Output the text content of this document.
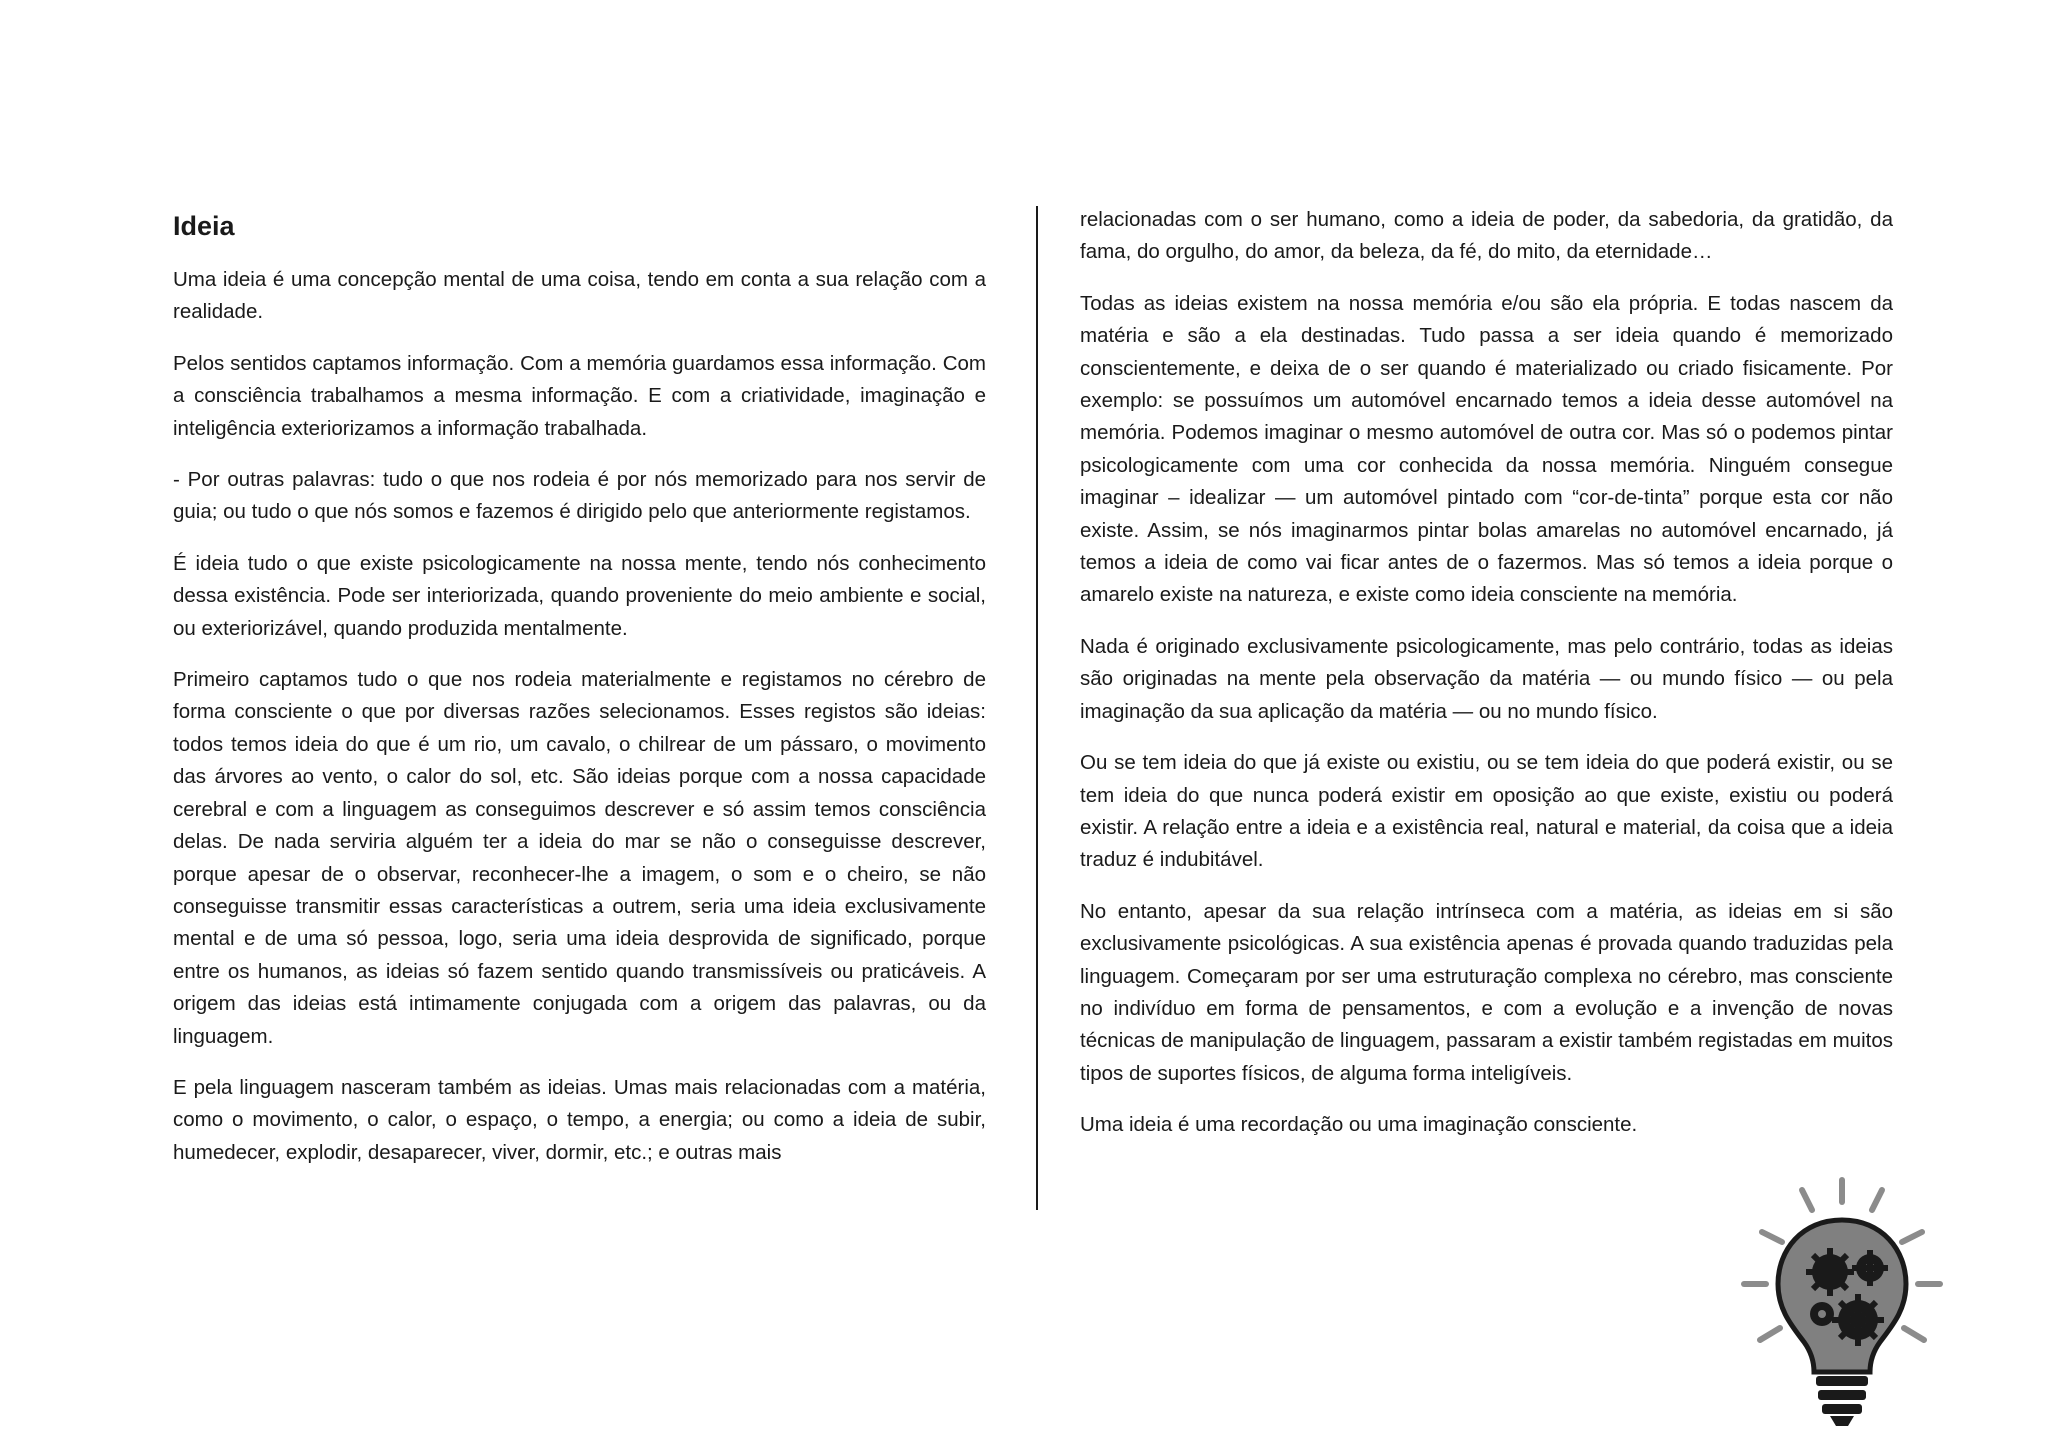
Ideia

Uma ideia é uma concepção mental de uma coisa, tendo em conta a sua relação com a realidade.

Pelos sentidos captamos informação. Com a memória guardamos essa informação. Com a consciência trabalhamos a mesma informação. E com a criatividade, imaginação e inteligência exteriorizamos a informação trabalhada.

- Por outras palavras: tudo o que nos rodeia é por nós memorizado para nos servir de guia; ou tudo o que nós somos e fazemos é dirigido pelo que anteriormente registamos.

É ideia tudo o que existe psicologicamente na nossa mente, tendo nós conhecimento dessa existência. Pode ser interiorizada, quando proveniente do meio ambiente e social, ou exteriorizável, quando produzida mentalmente.

Primeiro captamos tudo o que nos rodeia materialmente e registamos no cérebro de forma consciente o que por diversas razões selecionamos. Esses registos são ideias: todos temos ideia do que é um rio, um cavalo, o chilrear de um pássaro, o movimento das árvores ao vento, o calor do sol, etc. São ideias porque com a nossa capacidade cerebral e com a linguagem as conseguimos descrever e só assim temos consciência delas. De nada serviria alguém ter a ideia do mar se não o conseguisse descrever, porque apesar de o observar, reconhecer-lhe a imagem, o som e o cheiro, se não conseguisse transmitir essas características a outrem, seria uma ideia exclusivamente mental e de uma só pessoa, logo, seria uma ideia desprovida de significado, porque entre os humanos, as ideias só fazem sentido quando transmissíveis ou praticáveis. A origem das ideias está intimamente conjugada com a origem das palavras, ou da linguagem.

E pela linguagem nasceram também as ideias. Umas mais relacionadas com a matéria, como o movimento, o calor, o espaço, o tempo, a energia; ou como a ideia de subir, humedecer, explodir, desaparecer, viver, dormir, etc.; e outras mais

relacionadas com o ser humano, como a ideia de poder, da sabedoria, da gratidão, da fama, do orgulho, do amor, da beleza, da fé, do mito, da eternidade…

Todas as ideias existem na nossa memória e/ou são ela própria. E todas nascem da matéria e são a ela destinadas. Tudo passa a ser ideia quando é memorizado conscientemente, e deixa de o ser quando é materializado ou criado fisicamente. Por exemplo: se possuímos um automóvel encarnado temos a ideia desse automóvel na memória. Podemos imaginar o mesmo automóvel de outra cor. Mas só o podemos pintar psicologicamente com uma cor conhecida da nossa memória. Ninguém consegue imaginar – idealizar — um automóvel pintado com “cor-de-tinta” porque esta cor não existe. Assim, se nós imaginarmos pintar bolas amarelas no automóvel encarnado, já temos a ideia de como vai ficar antes de o fazermos. Mas só temos a ideia porque o amarelo existe na natureza, e existe como ideia consciente na memória.

Nada é originado exclusivamente psicologicamente, mas pelo contrário, todas as ideias são originadas na mente pela observação da matéria — ou mundo físico — ou pela imaginação da sua aplicação da matéria — ou no mundo físico.

Ou se tem ideia do que já existe ou existiu, ou se tem ideia do que poderá existir, ou se tem ideia do que nunca poderá existir em oposição ao que existe, existiu ou poderá existir. A relação entre a ideia e a existência real, natural e material, da coisa que a ideia traduz é indubitável.

No entanto, apesar da sua relação intrínseca com a matéria, as ideias em si são exclusivamente psicológicas. A sua existência apenas é provada quando traduzidas pela linguagem. Começaram por ser uma estruturação complexa no cérebro, mas consciente no indivíduo em forma de pensamentos, e com a evolução e a invenção de novas técnicas de manipulação de linguagem, passaram a existir também registadas em muitos tipos de suportes físicos, de alguma forma inteligíveis.

Uma ideia é uma recordação ou uma imaginação consciente.
